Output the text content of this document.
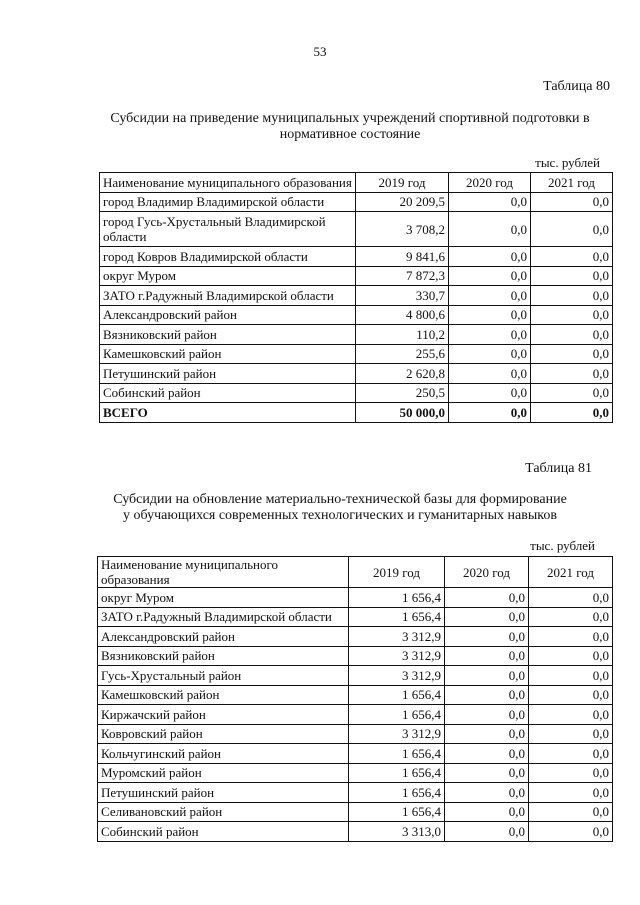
53
Таблица 80
Субсидии на приведение муниципальных учреждений спортивной подготовки в
нормативное состояние
тыс. рублей
Наименование муниципального образования	2019 год	2020 год	2021 год
город Владимир Владимирской области	20 209,5	0,0	0,0
город Гусь-Хрустальный Владимирской области	3 708,2	0,0	0,0
город Ковров Владимирской области	9 841,6	0,0	0,0
округ Муром	7 872,3	0,0	0,0
ЗАТО г.Радужный Владимирской области	330,7	0,0	0,0
Александровский район	4 800,6	0,0	0,0
Вязниковский район	110,2	0,0	0,0
Камешковский район	255,6	0,0	0,0
Петушинский район	2 620,8	0,0	0,0
Собинский район	250,5	0,0	0,0
ВСЕГО	50 000,0	0,0	0,0
Таблица 81
Субсидии на обновление материально-технической базы для формирование
у обучающихся современных технологических и гуманитарных навыков
тыс. рублей
Наименование муниципального образования	2019 год	2020 год	2021 год
округ Муром	1 656,4	0,0	0,0
ЗАТО г.Радужный Владимирской области	1 656,4	0,0	0,0
Александровский район	3 312,9	0,0	0,0
Вязниковский район	3 312,9	0,0	0,0
Гусь-Хрустальный район	3 312,9	0,0	0,0
Камешковский район	1 656,4	0,0	0,0
Киржачский район	1 656,4	0,0	0,0
Ковровский район	3 312,9	0,0	0,0
Кольчугинский район	1 656,4	0,0	0,0
Муромский район	1 656,4	0,0	0,0
Петушинский район	1 656,4	0,0	0,0
Селивановский район	1 656,4	0,0	0,0
Собинский район	3 313,0	0,0	0,0
